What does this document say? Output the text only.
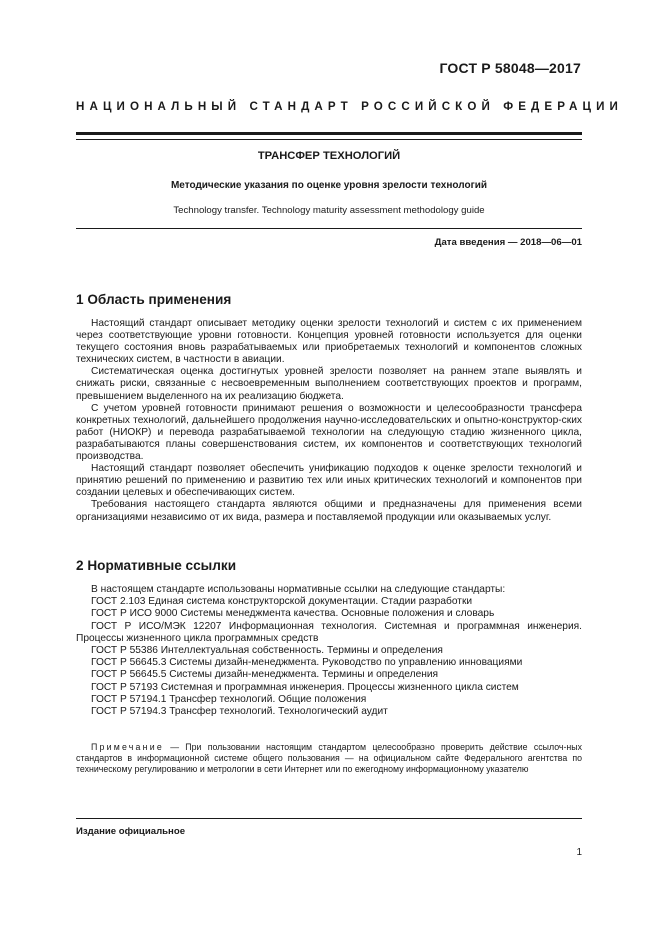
ГОСТ Р 58048—2017
НАЦИОНАЛЬНЫЙ СТАНДАРТ РОССИЙСКОЙ ФЕДЕРАЦИИ
ТРАНСФЕР ТЕХНОЛОГИЙ
Методические указания по оценке уровня зрелости технологий
Technology transfer. Technology maturity assessment methodology guide
Дата введения — 2018—06—01
1 Область применения

Настоящий стандарт описывает методику оценки зрелости технологий и систем с их применением через соответствующие уровни готовности. Концепция уровней готовности используется для оценки текущего состояния вновь разрабатываемых или приобретаемых технологий и компонентов сложных технических систем, в частности в авиации.

Систематическая оценка достигнутых уровней зрелости позволяет на раннем этапе выявлять и снижать риски, связанные с несвоевременным выполнением соответствующих проектов и программ, превышением выделенного на их реализацию бюджета.

С учетом уровней готовности принимают решения о возможности и целесообразности трансфера конкретных технологий, дальнейшего продолжения научно-исследовательских и опытно-конструктор-ских работ (НИОКР) и перевода разрабатываемой технологии на следующую стадию жизненного цикла, разрабатываются планы совершенствования систем, их компонентов и соответствующих технологий производства.

Настоящий стандарт позволяет обеспечить унификацию подходов к оценке зрелости технологий и принятию решений по применению и развитию тех или иных критических технологий и компонентов при создании целевых и обеспечивающих систем.

Требования настоящего стандарта являются общими и предназначены для применения всеми организациями независимо от их вида, размера и поставляемой продукции или оказываемых услуг.

2 Нормативные ссылки

В настоящем стандарте использованы нормативные ссылки на следующие стандарты:

ГОСТ 2.103 Единая система конструкторской документации. Стадии разработки

ГОСТ Р ИСО 9000 Системы менеджмента качества. Основные положения и словарь

ГОСТ Р ИСО/МЭК 12207 Информационная технология. Системная и программная инженерия. Процессы жизненного цикла программных средств

ГОСТ Р 55386 Интеллектуальная собственность. Термины и определения

ГОСТ Р 56645.3 Системы дизайн-менеджмента. Руководство по управлению инновациями

ГОСТ Р 56645.5 Системы дизайн-менеджмента. Термины и определения

ГОСТ Р 57193 Системная и программная инженерия. Процессы жизненного цикла систем

ГОСТ Р 57194.1 Трансфер технологий. Общие положения

ГОСТ Р 57194.3 Трансфер технологий. Технологический аудит

Примечание — При пользовании настоящим стандартом целесообразно проверить действие ссылоч-ных стандартов в информационной системе общего пользования — на официальном сайте Федерального агентства по техническому регулированию и метрологии в сети Интернет или по ежегодному информационному указателю

Издание официальное
1
